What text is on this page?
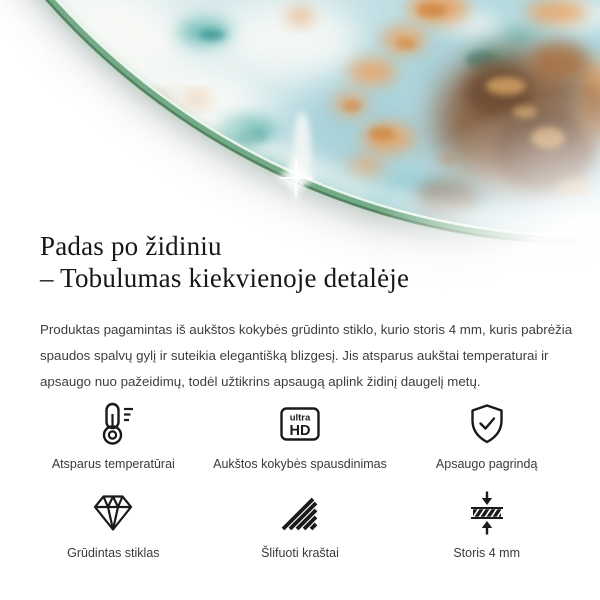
Padas po židiniu
– Tobulumas kiekvienoje detalėje

Produktas pagamintas iš aukštos kokybės grūdinto stiklo, kurio storis 4 mm, kuris pabrėžia spaudos spalvų gylį ir suteikia elegantišką blizgesį. Jis atsparus aukštai temperaturai ir apsaugo nuo pažeidimų, todėl užtikrins apsaugą aplink židinį daugelį metų.

Atsparus temperatūrai
ultra
HD
Aukštos kokybės spausdinimas	Apsaugo pagrindą
Grūdintas stiklas	Šlifuoti kraštai	Storis 4 mm
